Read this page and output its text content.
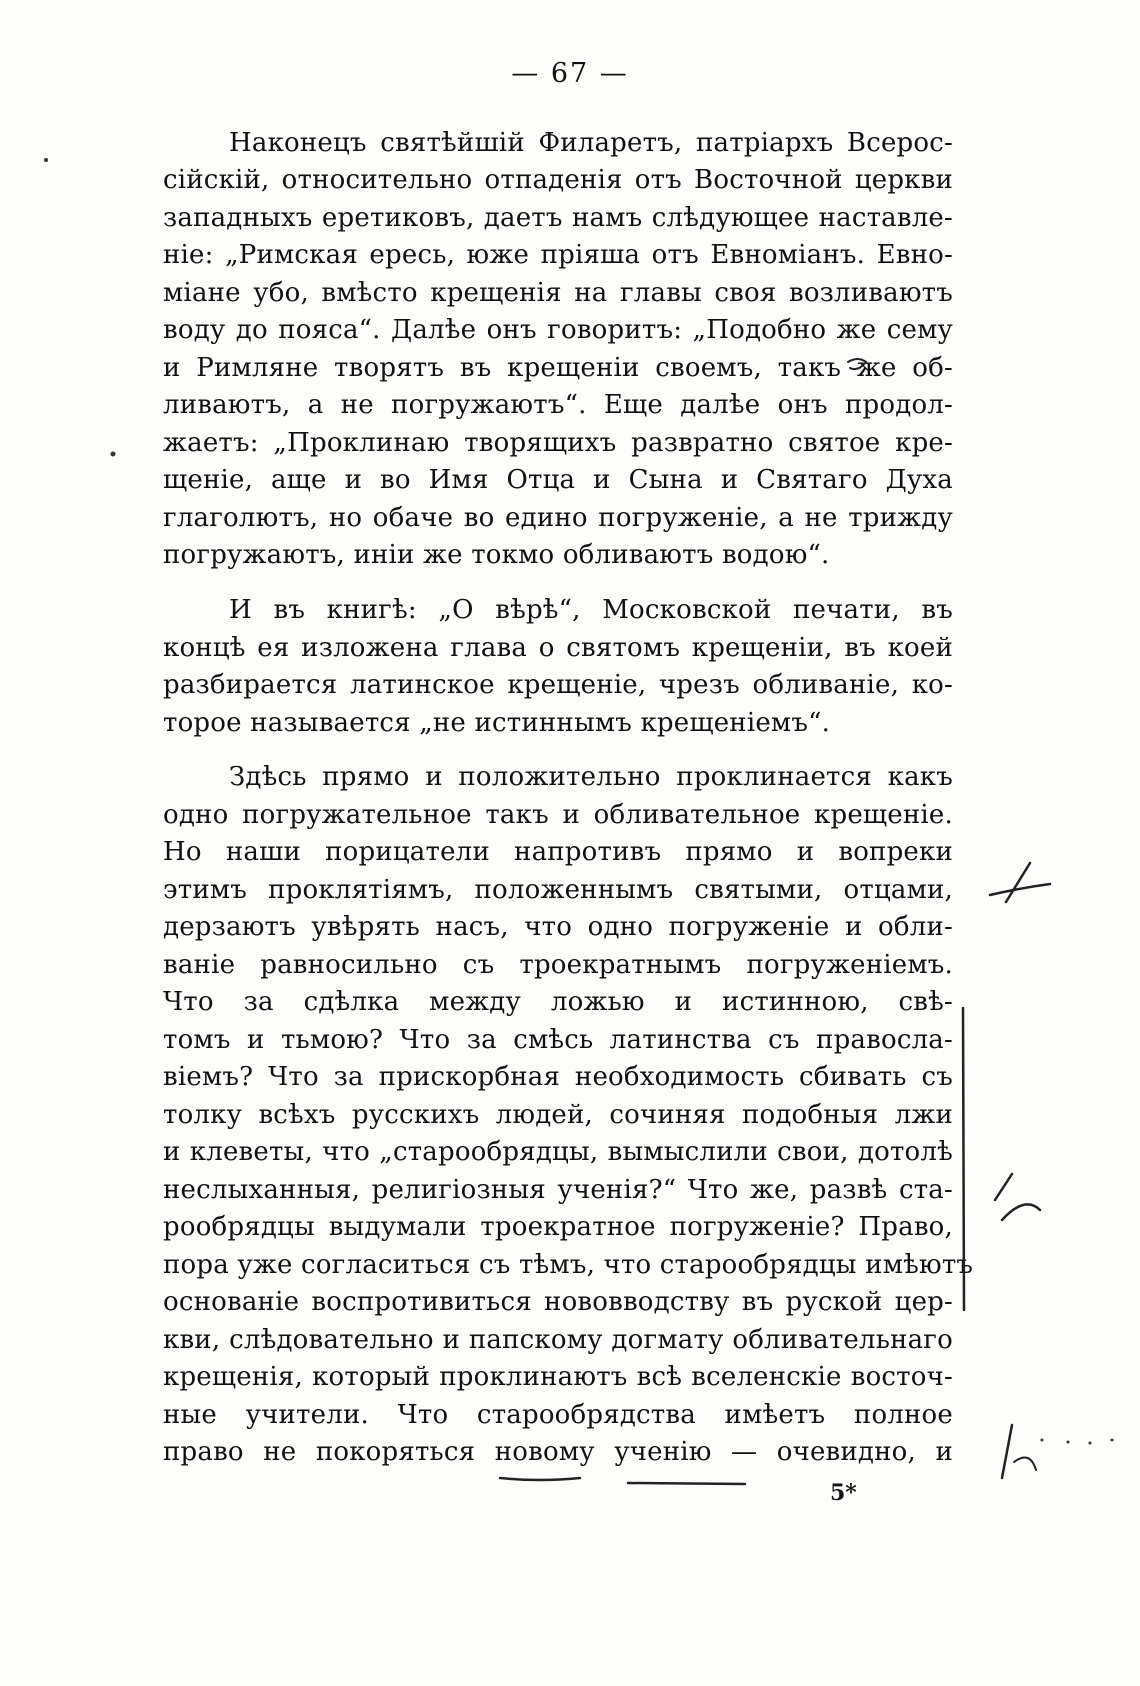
— 67 —
Наконецъ святѣйшій Филаретъ, патріархъ Всерос-
сійскій, относительно отпаденія отъ Восточной церкви
западныхъ еретиковъ, даетъ намъ слѣдующее наставле-
ніе: „Римская ересь, юже пріяша отъ Евноміанъ. Евно-
міане убо, вмѣсто крещенія на главы своя возливаютъ
воду до пояса“. Далѣе онъ говоритъ: „Подобно же сему
и Римляне творятъ въ крещеніи своемъ, такъ же об-
ливаютъ, а не погружаютъ“. Еще далѣе онъ продол-
жаетъ: „Проклинаю творящихъ развратно святое кре-
щеніе, аще и во Имя Отца и Сына и Святаго Духа
глаголютъ, но обаче во едино погруженіе, а не трижду
погружаютъ, иніи же токмо обливаютъ водою“.
И въ книгѣ: „О вѣрѣ“, Московской печати, въ
концѣ ея изложена глава о святомъ крещеніи, въ коей
разбирается латинское крещеніе, чрезъ обливаніе, ко-
торое называется „не истиннымъ крещеніемъ“.
Здѣсь прямо и положительно проклинается какъ
одно погружательное такъ и обливательное крещеніе.
Но наши порицатели напротивъ прямо и вопреки
этимъ проклятіямъ, положеннымъ святыми, отцами,
дерзаютъ увѣрять насъ, что одно погруженіе и обли-
ваніе равносильно съ троекратнымъ погруженіемъ.
Что за сдѣлка между ложью и истинною, свѣ-
томъ и тьмою? Что за смѣсь латинства съ правосла-
віемъ? Что за прискорбная необходимость сбивать съ
толку всѣхъ русскихъ людей, сочиняя подобныя лжи
и клеветы, что „старообрядцы, вымыслили свои, дотолѣ
неслыханныя, религіозныя ученія?“ Что же, развѣ ста-
рообрядцы выдумали троекратное погруженіе? Право,
пора уже согласиться съ тѣмъ, что старообрядцы имѣютъ
основаніе воспротивиться нововводству въ руской цер-
кви, слѣдовательно и папскому догмату обливательнаго
крещенія, который проклинаютъ всѣ вселенскіе восточ-
ные учители. Что старообрядства имѣетъ полное
право не покоряться новому ученію — очевидно, и
5*
